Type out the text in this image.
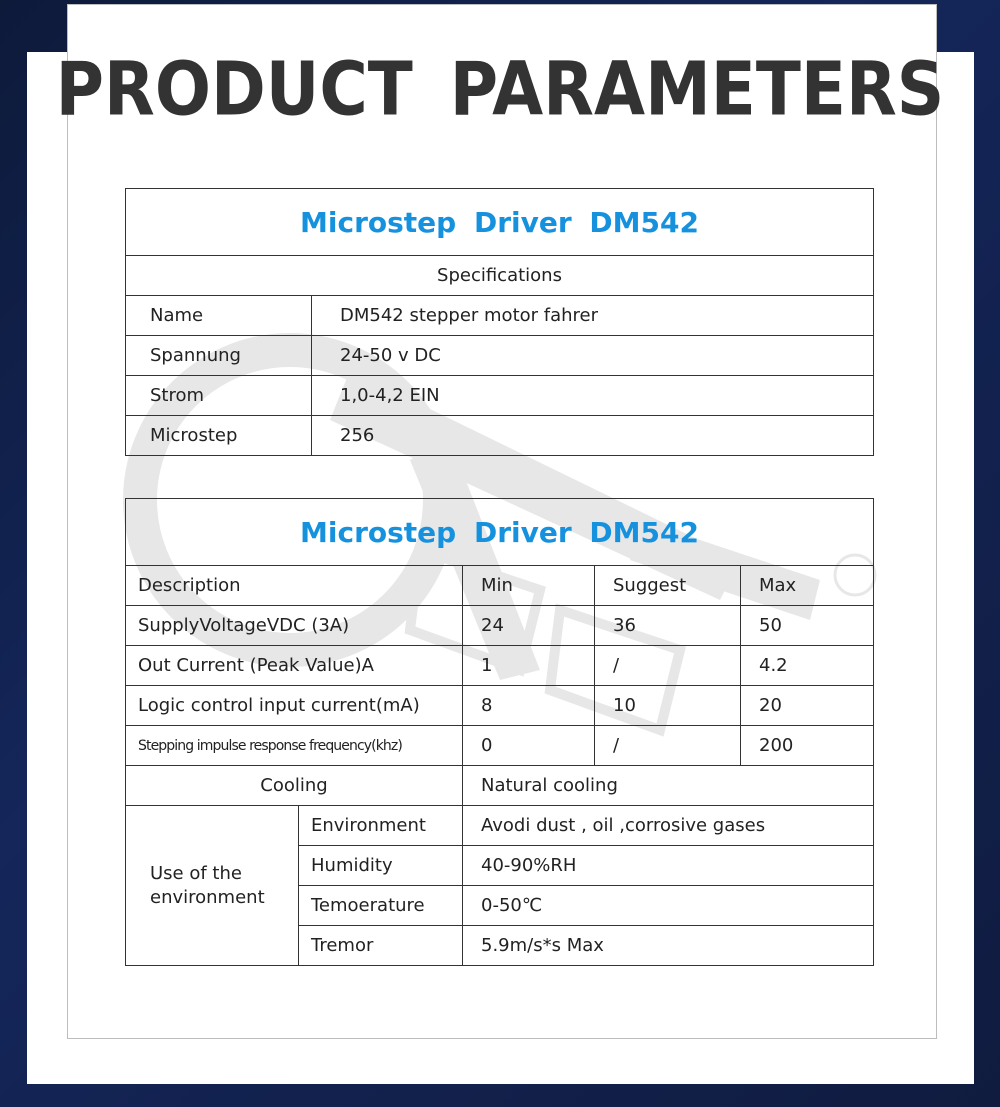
PRODUCT PARAMETERS
Microstep Driver DM542	
Specifications	
Name	DM542 stepper motor fahrer
Spannung	24-50 v DC
Strom	1,0-4,2 EIN
Microstep	256
Microstep Driver DM542				
Description		Min	Suggest	Max
SupplyVoltageVDC (3A)		24	36	50
Out Current (Peak Value)A		1	/	4.2
Logic control input current(mA)		8	10	20
Stepping impulse response frequency(khz)		0	/	200
Cooling		Natural cooling		
Use of the
environment	Environment	Avodi dust , oil ,corrosive gases		
	Humidity	40-90%RH		
	Temoerature	0-50℃		
	Tremor	5.9m/s*s Max		
